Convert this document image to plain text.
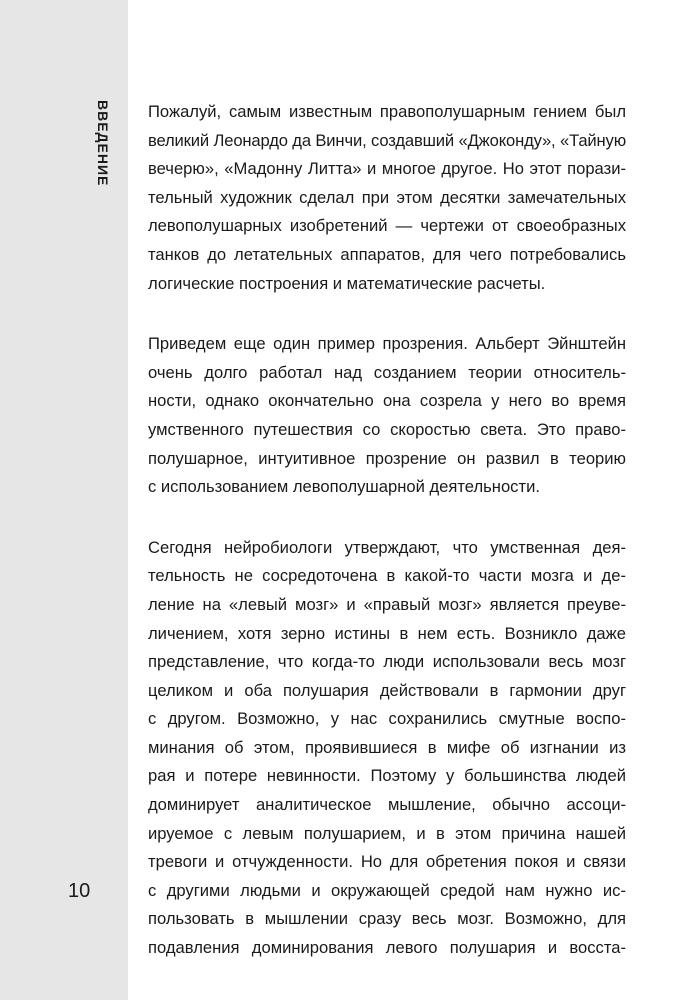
ВВЕДЕНИЕ
10

Пожалуй, самым известным правополушарным гением был
великий Леонардо да Винчи, создавший «Джоконду», «Тайную
вечерю», «Мадонну Литта» и многое другое. Но этот порази-
тельный художник сделал при этом десятки замечательных
левополушарных изобретений — чертежи от своеобразных
танков до летательных аппаратов, для чего потребовались
логические построения и математические расчеты.

Приведем еще один пример прозрения. Альберт Эйнштейн
очень долго работал над созданием теории относитель-
ности, однако окончательно она созрела у него во время
умственного путешествия со скоростью света. Это право-
полушарное, интуитивное прозрение он развил в теорию
с использованием левополушарной деятельности.

Сегодня нейробиологи утверждают, что умственная дея-
тельность не сосредоточена в какой-то части мозга и де-
ление на «левый мозг» и «правый мозг» является преуве-
личением, хотя зерно истины в нем есть. Возникло даже
представление, что когда-то люди использовали весь мозг
целиком и оба полушария действовали в гармонии друг
с другом. Возможно, у нас сохранились смутные воспо-
минания об этом, проявившиеся в мифе об изгнании из
рая и потере невинности. Поэтому у большинства людей
доминирует аналитическое мышление, обычно ассоци-
ируемое с левым полушарием, и в этом причина нашей
тревоги и отчужденности. Но для обретения покоя и связи
с другими людьми и окружающей средой нам нужно ис-
пользовать в мышлении сразу весь мозг. Возможно, для
подавления доминирования левого полушария и восста-
